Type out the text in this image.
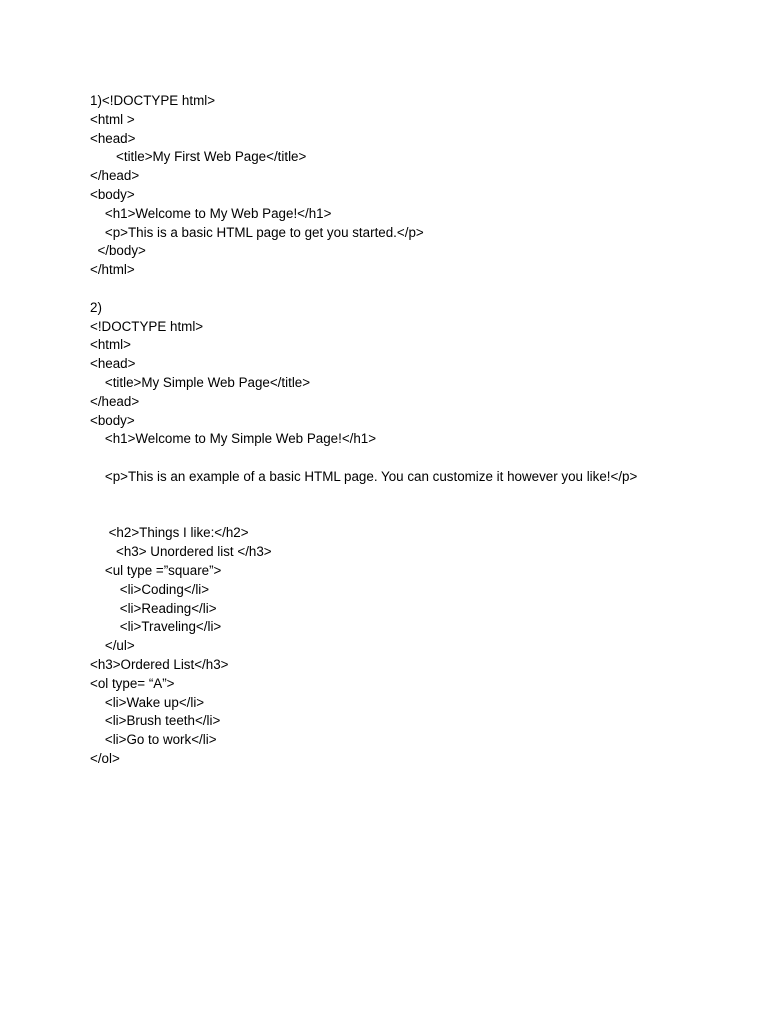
1)<!DOCTYPE html>
<html >
<head>
<title>My First Web Page</title>
</head>
<body>
<h1>Welcome to My Web Page!</h1>
<p>This is a basic HTML page to get you started.</p>
</body>
</html>
2)
<!DOCTYPE html>
<html>
<head>
<title>My Simple Web Page</title>
</head>
<body>
<h1>Welcome to My Simple Web Page!</h1>
<p>This is an example of a basic HTML page. You can customize it however you like!</p>
<h2>Things I like:</h2>
<h3> Unordered list </h3>
<ul type =”square”>
<li>Coding</li>
<li>Reading</li>
<li>Traveling</li>
</ul>
<h3>Ordered List</h3>
<ol type= “A”>
<li>Wake up</li>
<li>Brush teeth</li>
<li>Go to work</li>
</ol>
